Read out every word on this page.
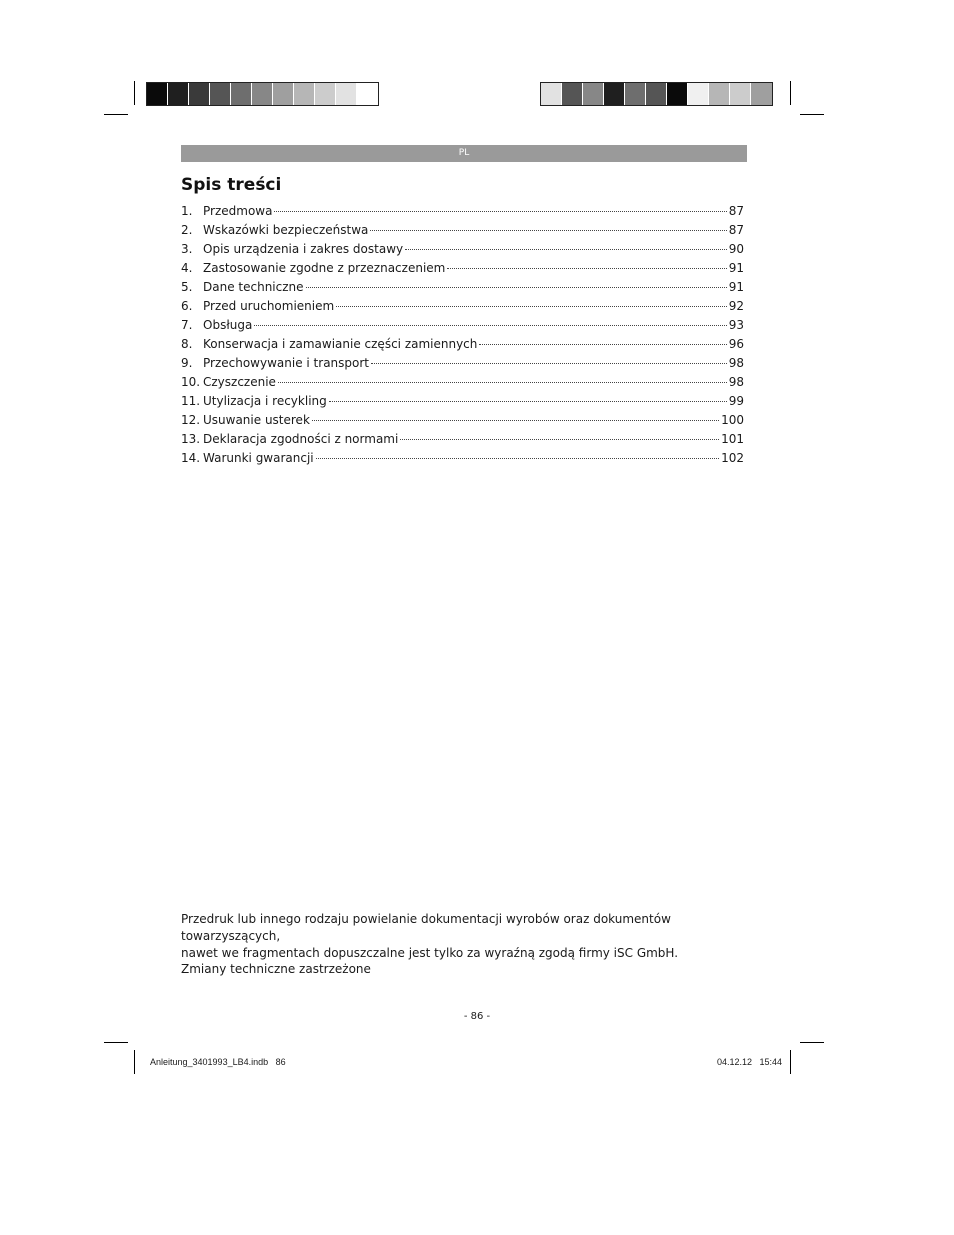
PL
Spis treści
1. Przedmowa	87
2. Wskazówki bezpieczeństwa	87
3. Opis urządzenia i zakres dostawy	90
4. Zastosowanie zgodne z przeznaczeniem	91
5. Dane techniczne	91
6. Przed uruchomieniem	92
7. Obsługa	93
8. Konserwacja i zamawianie części zamiennych	96
9. Przechowywanie i transport	98
10. Czyszczenie	98
11. Utylizacja i recykling	99
12. Usuwanie usterek	100
13. Deklaracja zgodności z normami	101
14. Warunki gwarancji	102

Przedruk lub innego rodzaju powielanie dokumentacji wyrobów oraz dokumentów towarzyszących,
nawet we fragmentach dopuszczalne jest tylko za wyraźną zgodą firmy iSC GmbH.

Zmiany techniczne zastrzeżone

- 86 -
Anleitung_3401993_LB4.indb   86	04.12.12   15:44
